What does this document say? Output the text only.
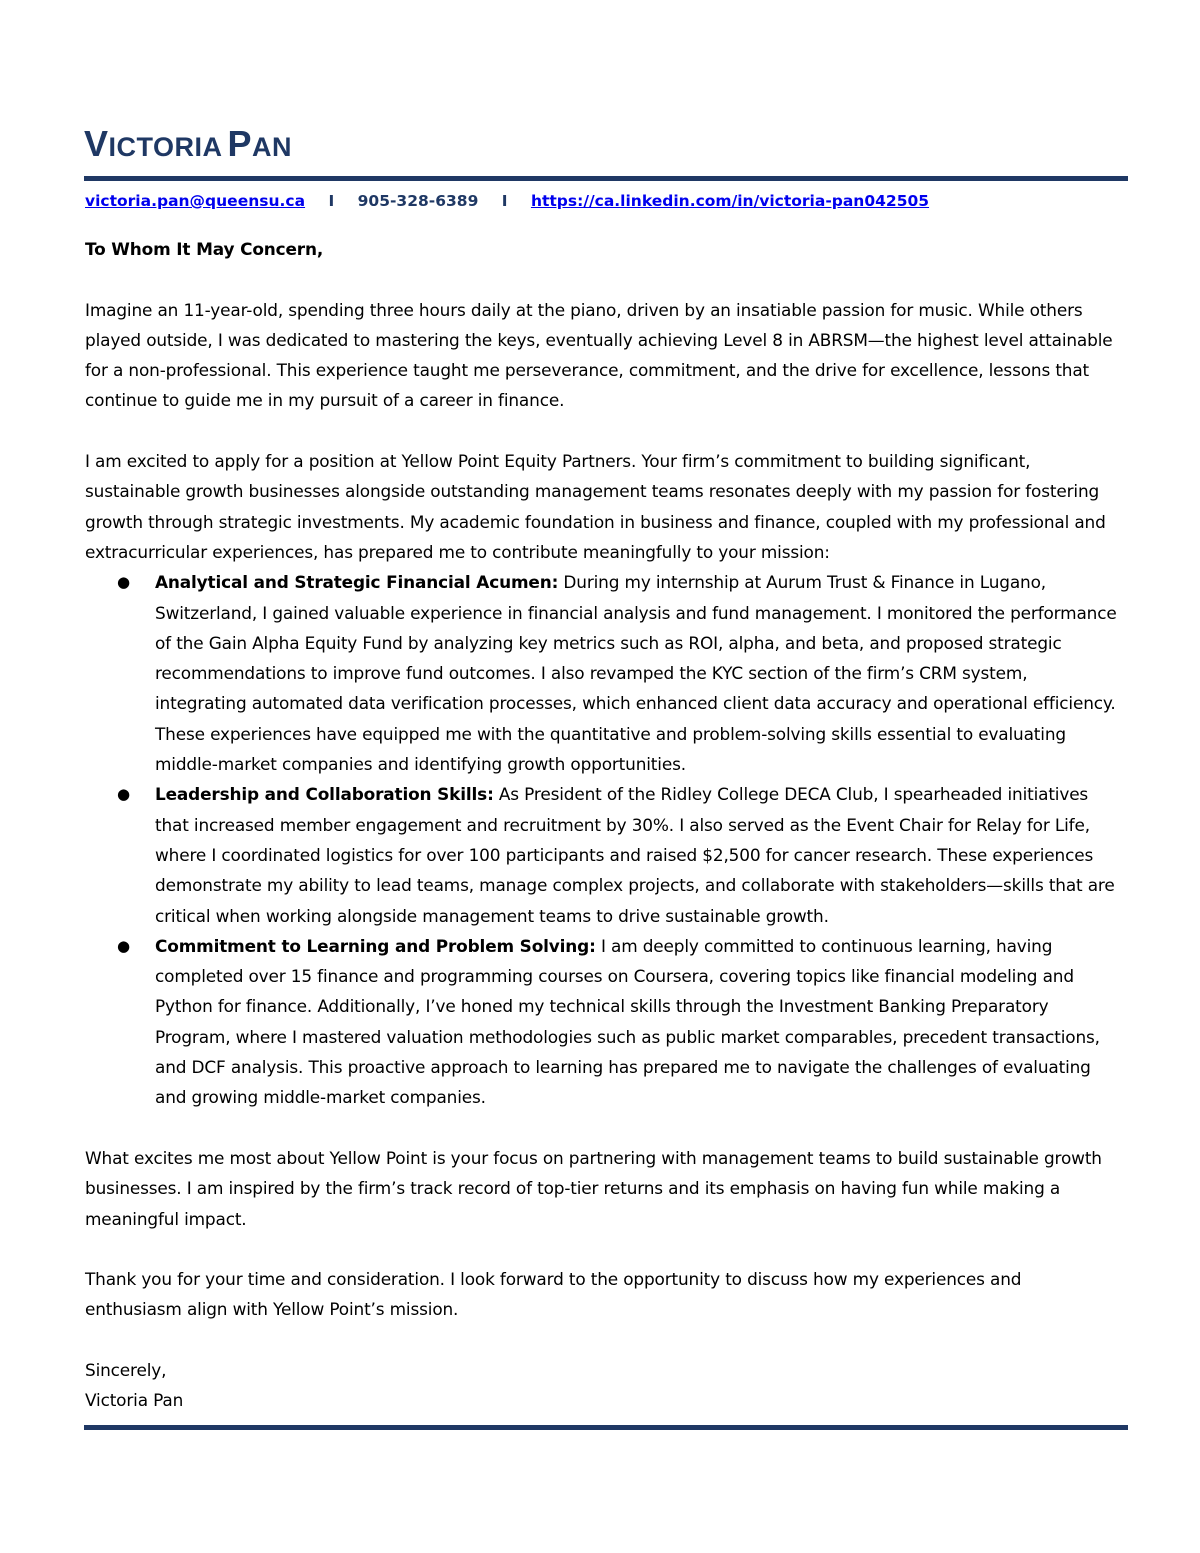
VICTORIA PAN
victoria.pan@queensu.ca I 905-328-6389 I https://ca.linkedin.com/in/victoria-pan042505

To Whom It May Concern,

Imagine an 11-year-old, spending three hours daily at the piano, driven by an insatiable passion for music. While others played outside, I was dedicated to mastering the keys, eventually achieving Level 8 in ABRSM—the highest level attainable for a non-professional. This experience taught me perseverance, commitment, and the drive for excellence, lessons that continue to guide me in my pursuit of a career in finance.

I am excited to apply for a position at Yellow Point Equity Partners. Your firm’s commitment to building significant, sustainable growth businesses alongside outstanding management teams resonates deeply with my passion for fostering growth through strategic investments. My academic foundation in business and finance, coupled with my professional and extracurricular experiences, has prepared me to contribute meaningfully to your mission:

● Analytical and Strategic Financial Acumen: During my internship at Aurum Trust & Finance in Lugano, Switzerland, I gained valuable experience in financial analysis and fund management. I monitored the performance of the Gain Alpha Equity Fund by analyzing key metrics such as ROI, alpha, and beta, and proposed strategic recommendations to improve fund outcomes. I also revamped the KYC section of the firm’s CRM system, integrating automated data verification processes, which enhanced client data accuracy and operational efficiency. These experiences have equipped me with the quantitative and problem-solving skills essential to evaluating middle-market companies and identifying growth opportunities.
● Leadership and Collaboration Skills: As President of the Ridley College DECA Club, I spearheaded initiatives that increased member engagement and recruitment by 30%. I also served as the Event Chair for Relay for Life, where I coordinated logistics for over 100 participants and raised $2,500 for cancer research. These experiences demonstrate my ability to lead teams, manage complex projects, and collaborate with stakeholders—skills that are critical when working alongside management teams to drive sustainable growth.
● Commitment to Learning and Problem Solving: I am deeply committed to continuous learning, having completed over 15 finance and programming courses on Coursera, covering topics like financial modeling and Python for finance. Additionally, I’ve honed my technical skills through the Investment Banking Preparatory Program, where I mastered valuation methodologies such as public market comparables, precedent transactions, and DCF analysis. This proactive approach to learning has prepared me to navigate the challenges of evaluating and growing middle-market companies.

What excites me most about Yellow Point is your focus on partnering with management teams to build sustainable growth businesses. I am inspired by the firm’s track record of top-tier returns and its emphasis on having fun while making a meaningful impact.

Thank you for your time and consideration. I look forward to the opportunity to discuss how my experiences and enthusiasm align with Yellow Point’s mission.

Sincerely,

Victoria Pan
